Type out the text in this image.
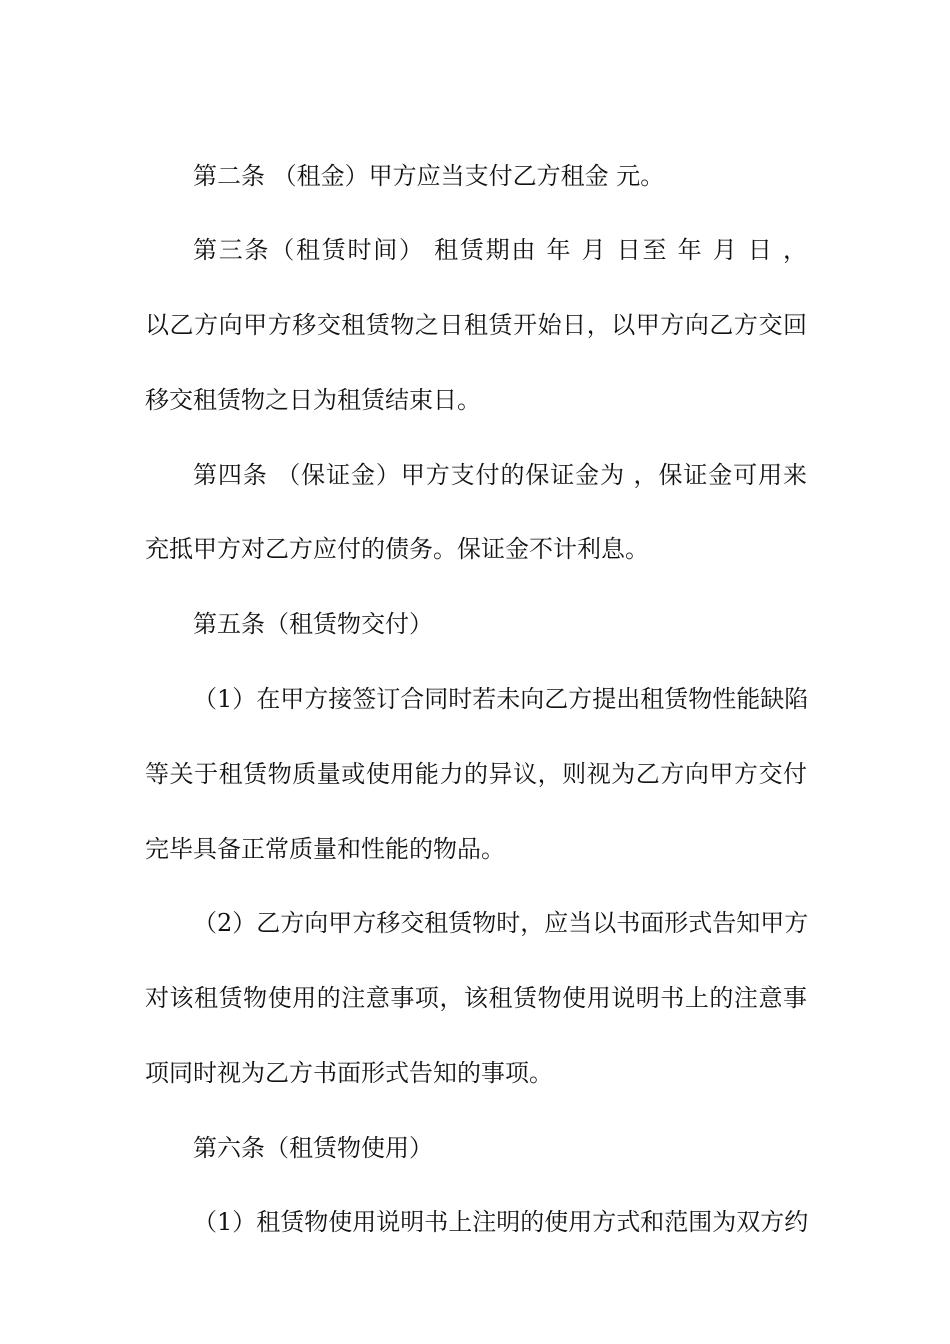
第二条 （租金）甲方应当支付乙方租金 元。

第三条（租赁时间） 租赁期由 年 月 日至 年 月 日 ，

以乙方向甲方移交租赁物之日租赁开始日，以甲方向乙方交回

移交租赁物之日为租赁结束日。

第四条 （保证金）甲方支付的保证金为 ，保证金可用来

充抵甲方对乙方应付的债务。保证金不计利息。

第五条（租赁物交付）

（1）在甲方接签订合同时若未向乙方提出租赁物性能缺陷

等关于租赁物质量或使用能力的异议，则视为乙方向甲方交付

完毕具备正常质量和性能的物品。

（2）乙方向甲方移交租赁物时，应当以书面形式告知甲方

对该租赁物使用的注意事项，该租赁物使用说明书上的注意事

项同时视为乙方书面形式告知的事项。

第六条（租赁物使用）

（1）租赁物使用说明书上注明的使用方式和范围为双方约
